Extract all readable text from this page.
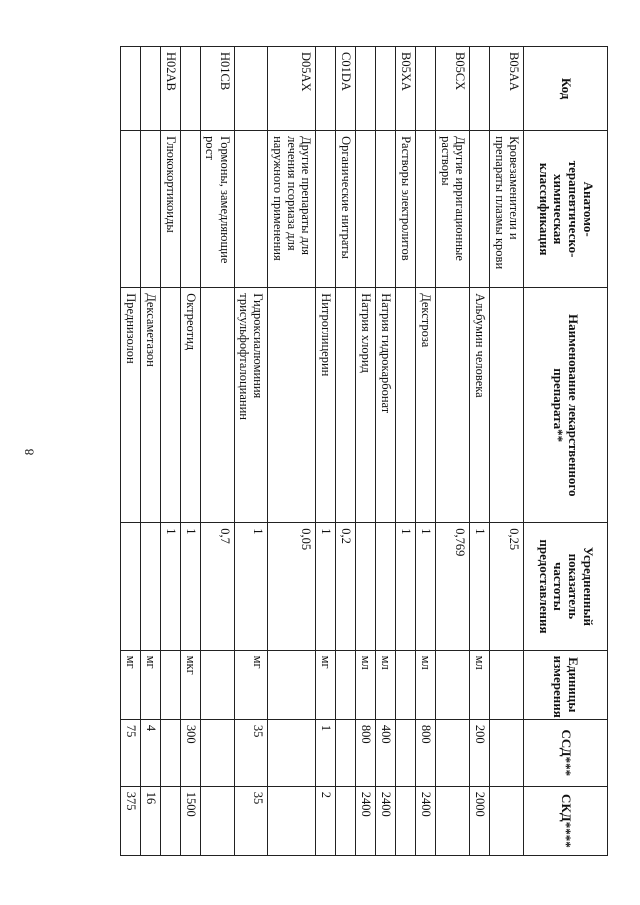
8
Код	Анатомо-терапевтическо-химическая классификация	Наименование лекарственного препарата**	Усредненный показатель частоты предоставления	Единицы измерения	ССД***	СКД****
B05AA	Кровезаменители и препараты плазмы крови		0,25			
		Альбумин человека	1	мл	200	2000
B05CX	Другие ирригационные растворы		0,769			
		Декстроза	1	мл	800	2400
B05XA	Растворы электролитов		1			
		Натрия гидрокарбонат		мл	400	2400
		Натрия хлорид		мл	800	2400
C01DA	Органические нитраты		0,2			
		Нитроглицерин	1	мг	1	2
D05AX	Другие препараты для лечения псориаза для наружного применения		0,05			
		Гидроксиалюминия трисульфофталоцианин	1	мг	35	35
H01CB	Гормоны, замедляющие рост		0,7			
		Октреотид	1	мкг	300	1500
H02AB	Глюкокортикоиды		1			
		Дексаметазон		мг	4	16
		Преднизолон		мг	75	375
